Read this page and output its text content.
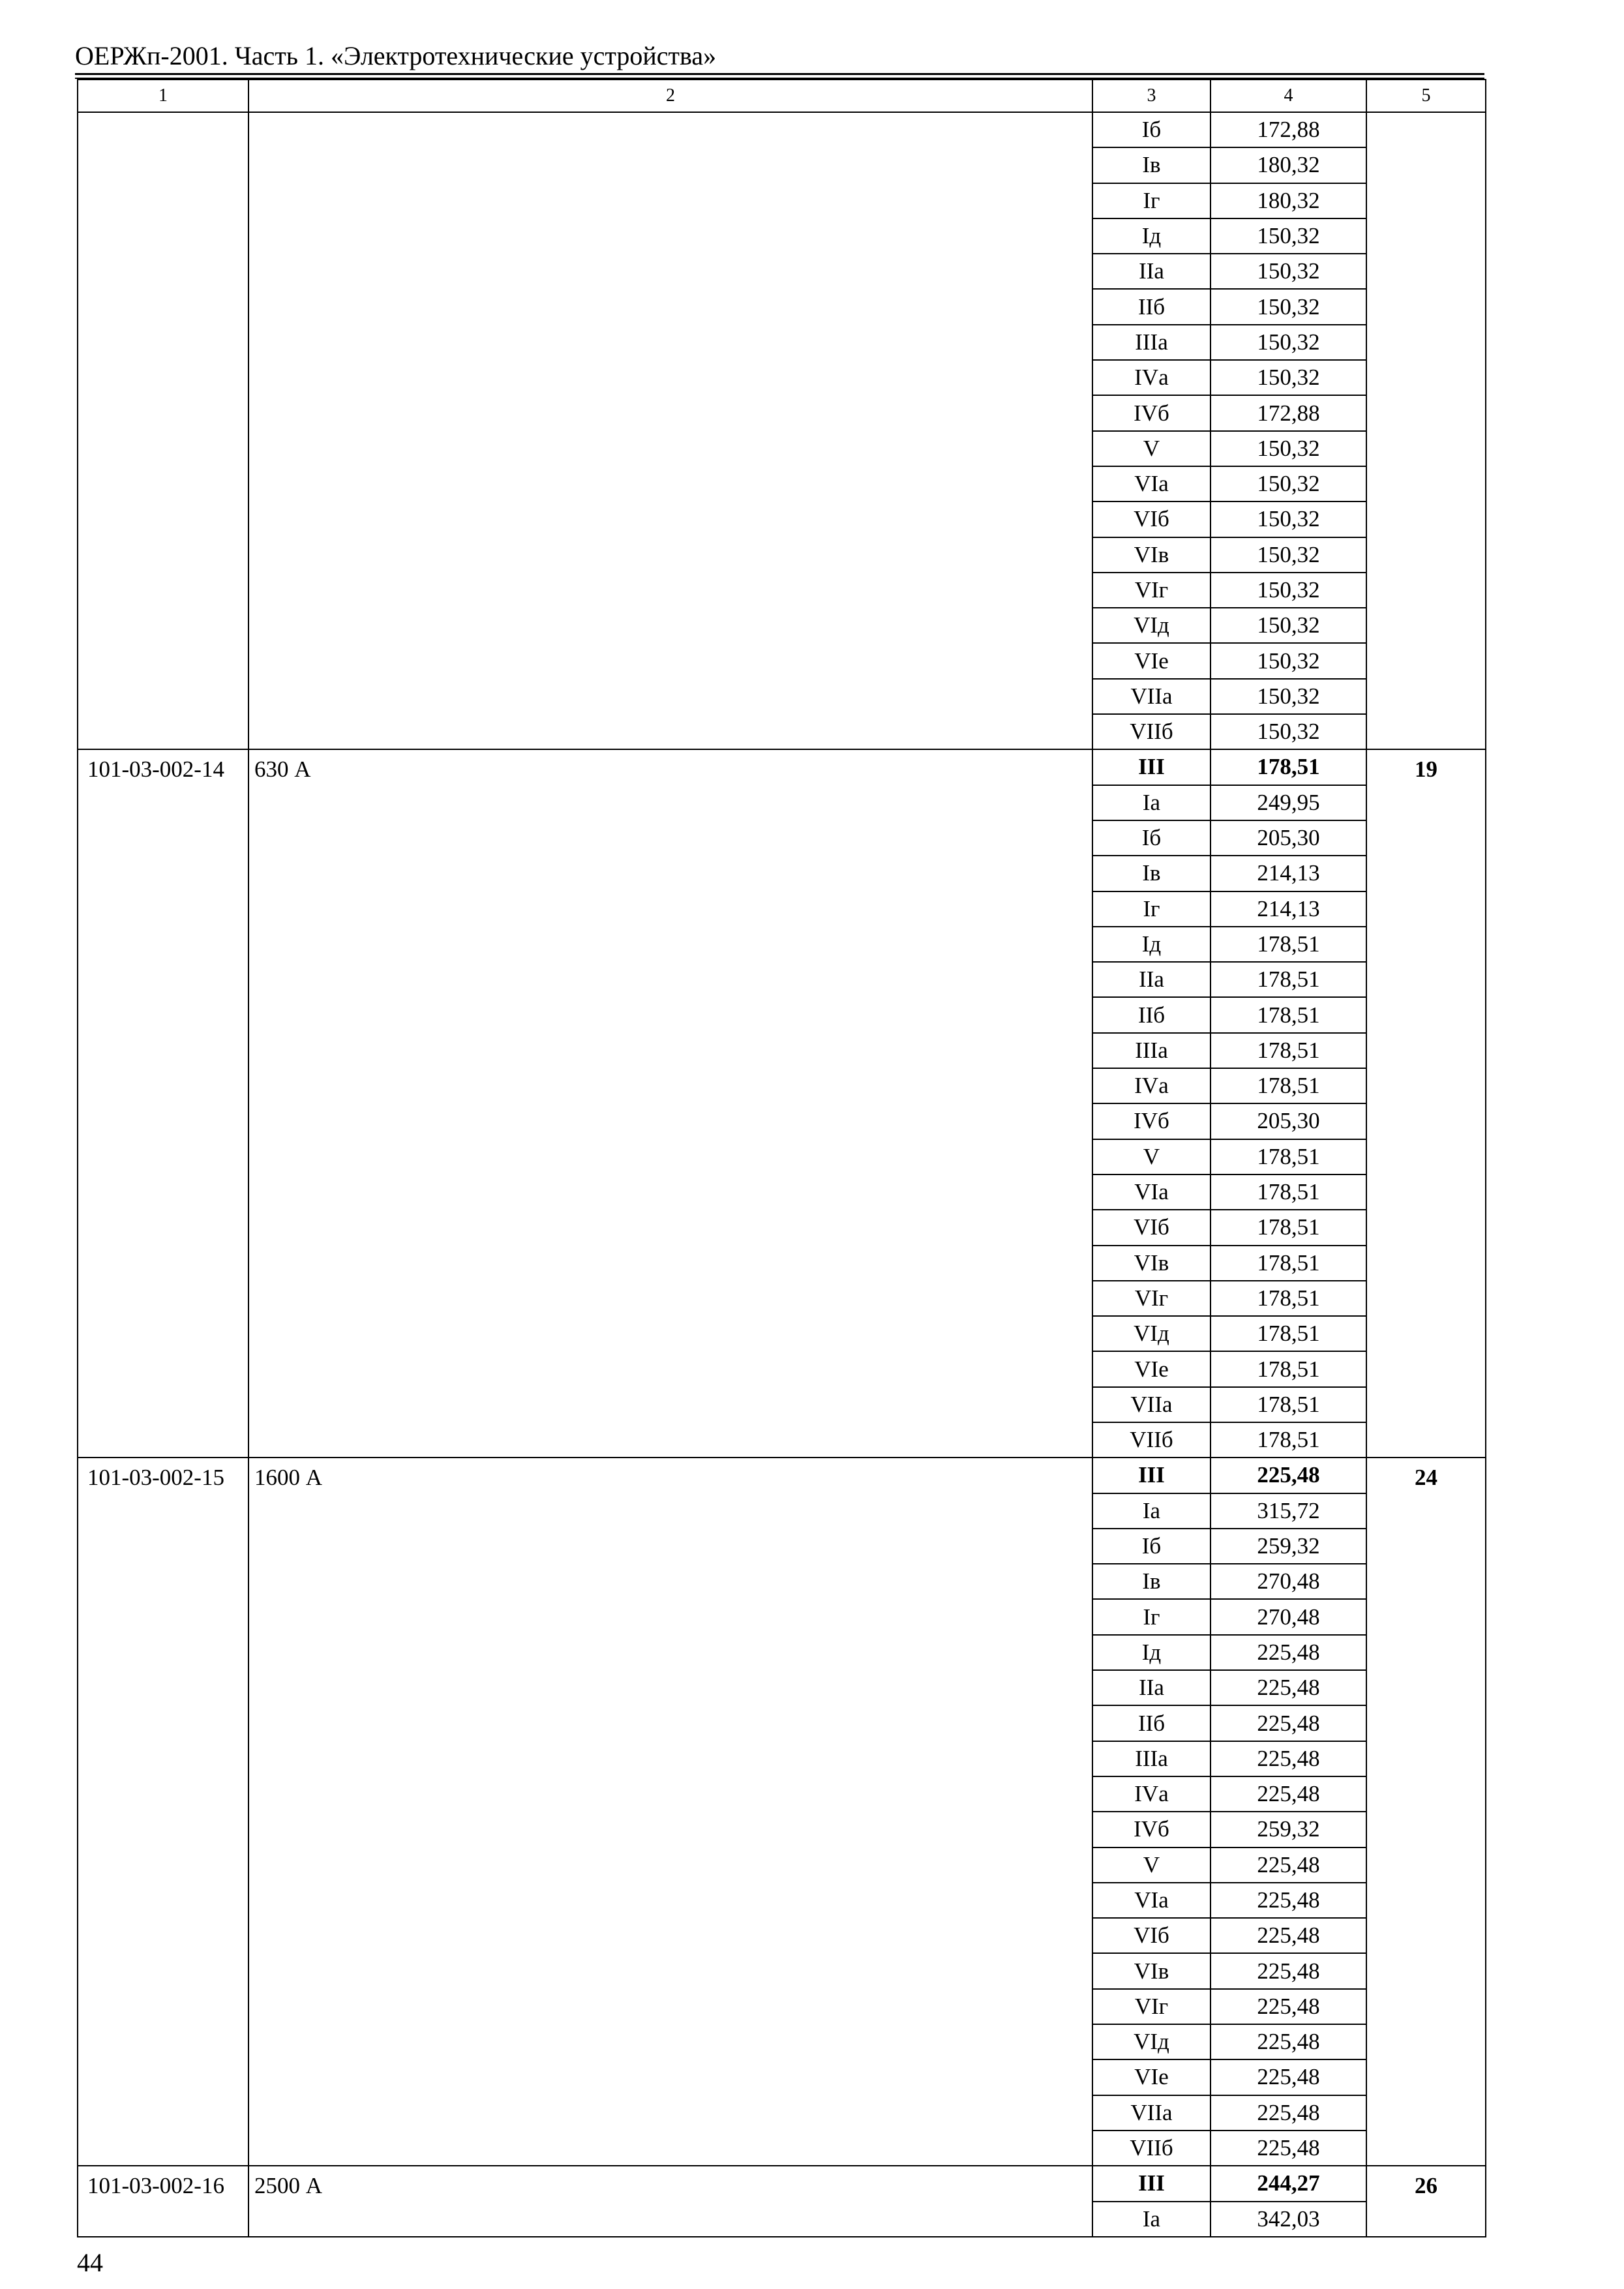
ОЕРЖп-2001. Часть 1. «Электротехнические устройства»
1	2	3	4	5
		Iб	172,88	
		Iв	180,32	
		Iг	180,32	
		Iд	150,32	
		IIа	150,32	
		IIб	150,32	
		IIIа	150,32	
		IVа	150,32	
		IVб	172,88	
		V	150,32	
		VIа	150,32	
		VIб	150,32	
		VIв	150,32	
		VIг	150,32	
		VIд	150,32	
		VIе	150,32	
		VIIа	150,32	
		VIIб	150,32	
101-03-002-14	630 А	III	178,51	19
		Iа	249,95	
		Iб	205,30	
		Iв	214,13	
		Iг	214,13	
		Iд	178,51	
		IIа	178,51	
		IIб	178,51	
		IIIа	178,51	
		IVа	178,51	
		IVб	205,30	
		V	178,51	
		VIа	178,51	
		VIб	178,51	
		VIв	178,51	
		VIг	178,51	
		VIд	178,51	
		VIе	178,51	
		VIIа	178,51	
		VIIб	178,51	
101-03-002-15	1600 А	III	225,48	24
		Iа	315,72	
		Iб	259,32	
		Iв	270,48	
		Iг	270,48	
		Iд	225,48	
		IIа	225,48	
		IIб	225,48	
		IIIа	225,48	
		IVа	225,48	
		IVб	259,32	
		V	225,48	
		VIа	225,48	
		VIб	225,48	
		VIв	225,48	
		VIг	225,48	
		VIд	225,48	
		VIе	225,48	
		VIIа	225,48	
		VIIб	225,48	
101-03-002-16	2500 А	III	244,27	26
		Iа	342,03	
44
